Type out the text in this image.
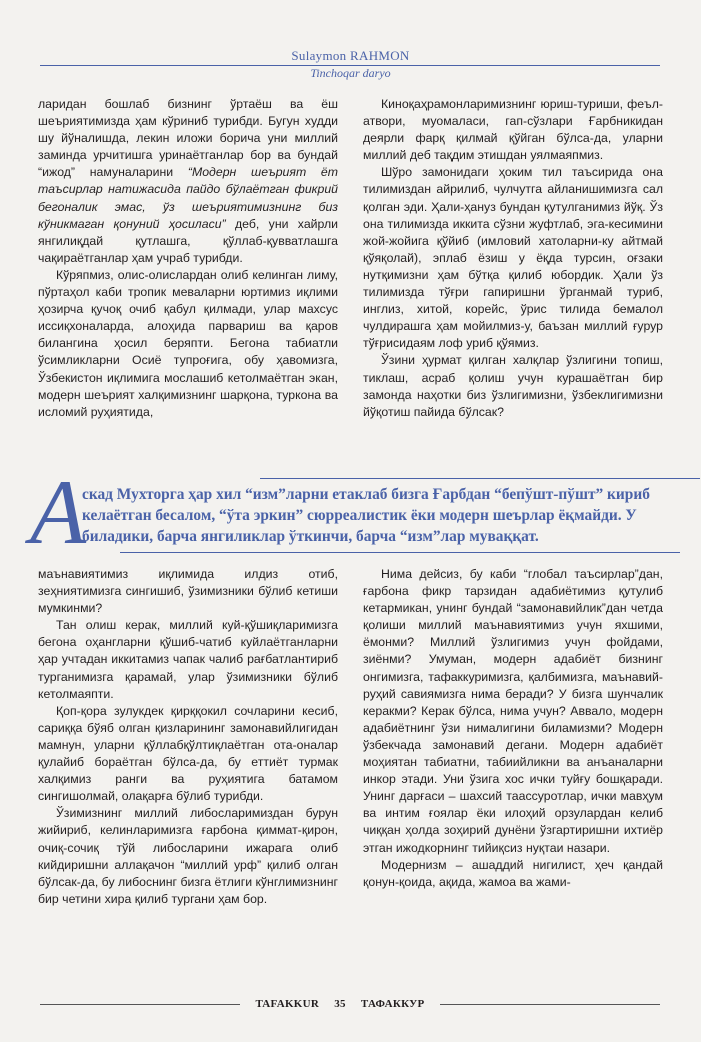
Sulaymon RAHMON
Tinchoqar daryo

ларидан бошлаб бизнинг ўртаёш ва ёш шеъриятимизда ҳам кўриниб турибди. Бугун худди шу йўналишда, лекин иложи борича уни миллий заминда урчитишга уринаётганлар бор ва бундай “ижод” намуналарини “Модерн шеърият ёт таъсирлар натижасида пайдо бўлаётган фикрий бегоналик эмас, ўз шеъриятимизнинг биз кўникмаган қонуний ҳосиласи” деб, уни хайрли янгилиқдай қутлашга, қўллаб-қувватлашга чақираётганлар ҳам учраб турибди.

Кўряпмиз, олис-олислардан олиб келинган лиму, пўртаҳол каби тропик меваларни юртимиз иқлими ҳозирча қучоқ очиб қабул қилмади, улар махсус иссиқхоналарда, алоҳида парвариш ва қаров билангина ҳосил беряпти. Бегона табиатли ўсимликларни Осиё тупроғига, обу ҳавомизга, Ўзбекистон иқлимига мослашиб кетолмаётган экан, модерн шеърият халқимизнинг шарқона, туркона ва исломий руҳиятида,

Киноқаҳрамонларимизнинг юриш-туриши, феъл-атвори, муомаласи, гап-сўзлари Ғарбникидан деярли фарқ қилмай қўйган бўлса-да, уларни миллий деб тақдим этишдан уялмаяпмиз.

Шўро замонидаги ҳоким тил таъсирида она тилимиздан айрилиб, чулчутга айланишимизга сал қолган эди. Ҳали-ҳануз бундан қутулганимиз йўқ. Ўз она тилимизда иккита сўзни жуфтлаб, эга-кесимини жой-жойига қўйиб (имловий хатоларни-ку айтмай қўяқолай), эплаб ёзиш у ёқда турсин, оғзаки нутқимизни ҳам бўтқа қилиб юбордик. Ҳали ўз тилимизда тўғри гапиришни ўрганмай туриб, инглиз, хитой, корейс, ўрис тилида бемалол чулдирашга ҳам мойилмиз-у, баъзан миллий ғурур тўғрисидаям лоф уриб қўямиз.

Ўзини ҳурмат қилган халқлар ўзлигини топиш, тиклаш, асраб қолиш учун курашаётган бир замонда наҳотки биз ўзлигимизни, ўзбеклигимизни йўқотиш пайида бўлсак?

А
скад Мухторга ҳар хил “изм”ларни етаклаб бизга Ғарбдан “бепўшт-пўшт” кириб келаётган бесалом, “ўта эркин” сюрреалистик ёки модерн шеърлар ёқмайди. У биладики, барча янгиликлар ўткинчи, барча “изм”лар муваққат.

маънавиятимиз иқлимида илдиз отиб, зеҳниятимизга сингишиб, ўзимизники бўлиб кетиши мумкинми?

Тан олиш керак, миллий куй-қўшиқларимизга бегона оҳангларни қўшиб-чатиб куйлаётганларни ҳар учтадан иккитамиз чапак чалиб рағбатлантириб турганимизга қарамай, улар ўзимизники бўлиб кетолмаяпти.

Қоп-қора зулукдек қирққокил сочларини кесиб, сариққа бўяб олган қизларининг замонавийлигидан мамнун, уларни қўллабқўлтиқлаётган ота-оналар қулайиб бораётган бўлса-да, бу еттиёт турмак халқимиз ранги ва руҳиятига батамом сингишолмай, олақарға бўлиб турибди.

Ўзимизнинг миллий либосларимиздан бурун жийириб, келинларимизга ғарбона қиммат-қирон, очиқ-сочиқ тўй либосларини ижарага олиб кийдиришни аллақачон “миллий урф” қилиб олган бўлсак-да, бу либоснинг бизга ётлиги кўнглимизнинг бир четини хира қилиб тургани ҳам бор.

Нима дейсиз, бу каби “глобал таъсирлар”дан, ғарбона фикр тарзидан адабиётимиз қутулиб кетармикан, унинг бундай “замонавийлик”дан четда қолиши миллий маънавиятимиз учун яхшими, ёмонми? Миллий ўзлигимиз учун фойдами, зиёнми? Умуман, модерн адабиёт бизнинг онгимизга, тафаккуримизга, қалбимизга, маънавий-руҳий савиямизга нима беради? У бизга шунчалик керакми? Керак бўлса, нима учун? Аввало, модерн адабиётнинг ўзи нималигини биламизми? Модерн ўзбекчада замонавий дегани. Модерн адабиёт моҳиятан табиатни, табиийликни ва анъаналарни инкор этади. Уни ўзига хос ички туйғу бошқаради. Унинг дарғаси – шахсий тааccуротлар, ички мавҳум ва интим ғоялар ёки илоҳий орзулардан келиб чиққан ҳолда зоҳирий дунёни ўзгартиришни ихтиёр этган ижодкорнинг тийиқсиз нуқтаи назари.

Модернизм – ашаддий нигилист, ҳеч қандай қонун-қоида, ақида, жамоа ва жами-

TAFAKKUR 35 ТАФАККУР
